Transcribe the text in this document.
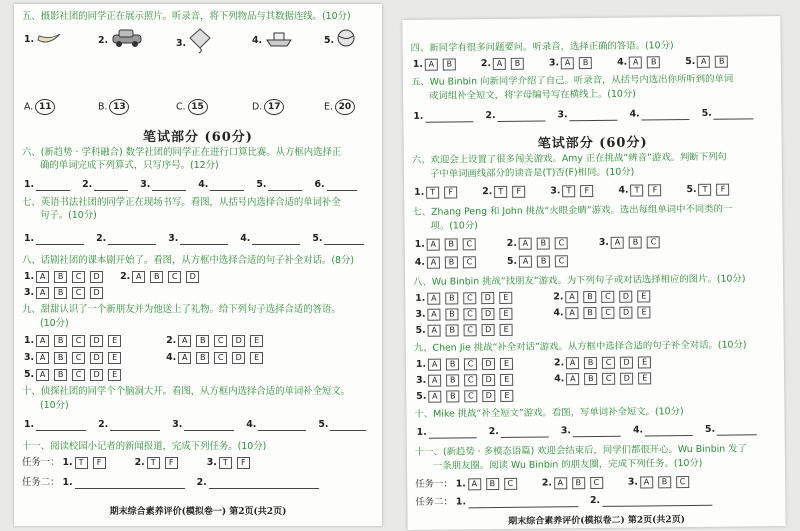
五、摄影社团的同学正在展示照片。听录音，将下列物品与其数据连线。(10分)
1.	2.	3.	4.	5.
A. 11	B. 13	C. 15	D. 17	E. 20
笔试部分 (60分)
六、(新趋势 · 学科融合) 数学社团的同学正在进行口算比赛。从方框内选择正
确的单词完成下列算式，只写序号。(12分)
1.	2.	3.	4.	5.	6.
七、英语书法社团的同学正在现场书写。看图，从括号内选择合适的单词补全
句子。(10分)
1.	2.	3.	4.	5.
八、话剧社团的课本剧开始了。看图，从方框中选择合适的句子补全对话。(8分)
1. A B C D 2. A B C D
3. A B C D
九、甜甜认识了一个新朋友并为他送上了礼物。给下列句子选择合适的答语。
(10分)
1. A B C D E	2. A B C D E
3. A B C D E	4. A B C D E
5. A B C D E
十、侦探社团的同学个个脑洞大开。看图，从方框内选择合适的单词补全短文。
(10分)
1.	2.	3.	4.	5.
十一、阅读校园小记者的新闻报道，完成下列任务。(10分)
任务一： 1. T F	2. T F	3. T F
任务二： 1.	2.
期末综合素养评价(模拟卷一) 第2页(共2页)
四、新同学有很多问题要问。听录音，选择正确的答语。(10分)
1. A B	2. A B	3. A B	4. A B	5. A B
五、Wu Binbin 向新同学介绍了自己。听录音，从括号内选出你所听到的单词
或词组补全短文，将字母编号写在横线上。(10分)
1.	2.	3.	4.	5.
笔试部分 (60分)
六、欢迎会上设置了很多闯关游戏。Amy 正在挑战“辨音”游戏。判断下列句
子中单词画线部分的读音是(T)否(F)相同。(10分)
1. T F	2. T F	3. T F	4. T F	5. T F
七、Zhang Peng 和 John 挑战“火眼金睛”游戏。选出每组单词中不同类的一
项。(10分)
1. A B C	2. A B C	3. A B C
4. A B C	5. A B C
八、Wu Binbin 挑战“找朋友”游戏。为下列句子或对话选择相应的图片。(10分)
1. A B C D E	2. A B C D E
3. A B C D E	4. A B C D E
5. A B C D E
九、Chen Jie 挑战“补全对话”游戏。从方框中选择合适的句子补全对话。(10分)
1. A B C D E	2. A B C D E
3. A B C D E	4. A B C D E
5. A B C D E
十、Mike 挑战“补全短文”游戏。看图，写单词补全短文。(10分)
1.	2.	3.	4.	5.
十一、(新趋势 · 多模态语篇) 欢迎会结束后，同学们都很开心。Wu Binbin 发了
一条朋友圈。阅读 Wu Binbin 的朋友圈，完成下列任务。(10分)
任务一： 1. A B C	2. A B C	3. A B C
任务二： 1.	2.
期末综合素养评价(模拟卷二) 第2页(共2页)
